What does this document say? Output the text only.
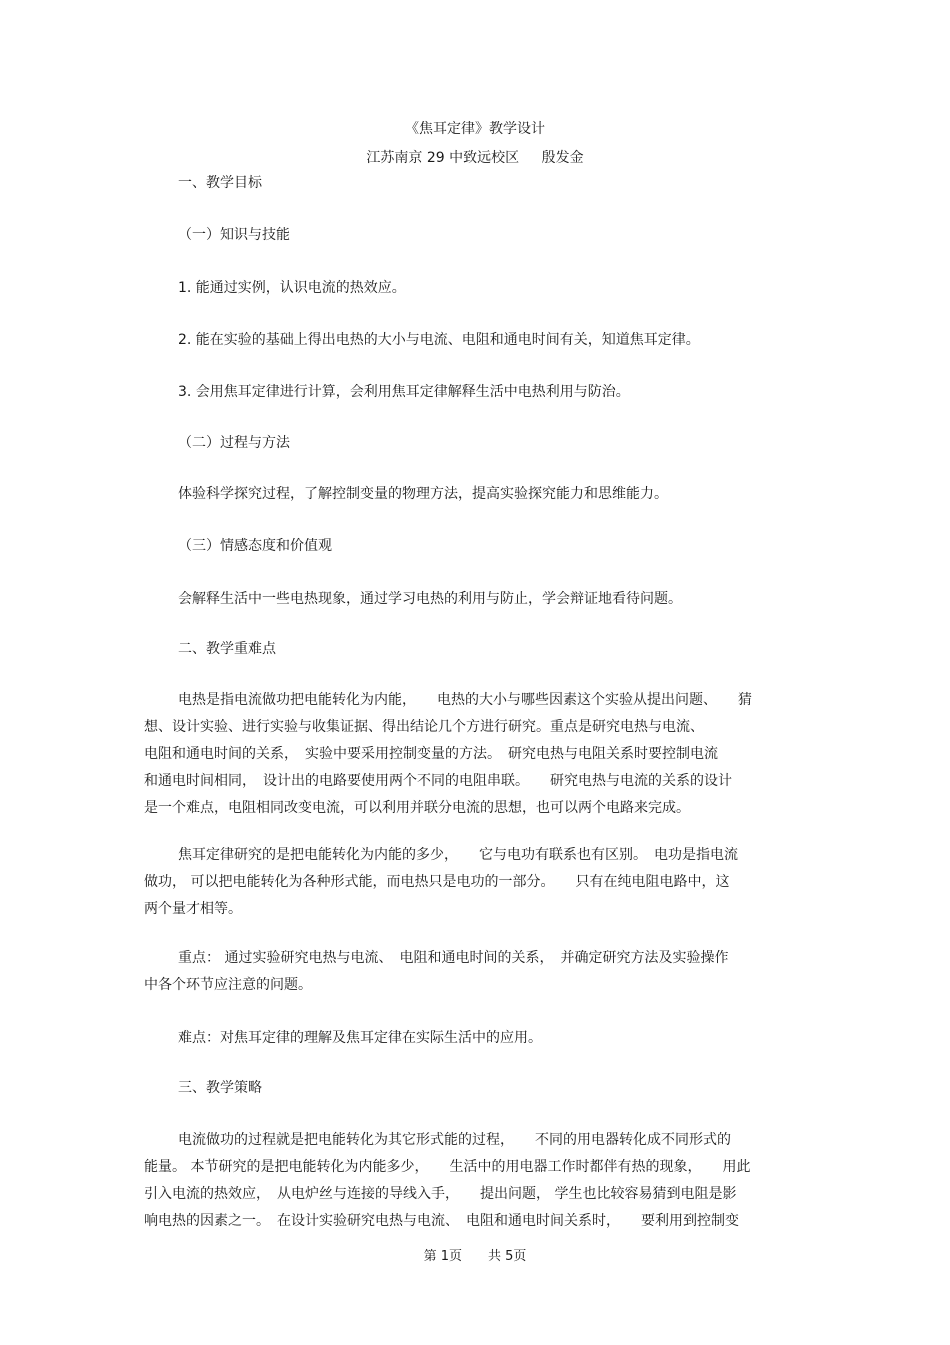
《焦耳定律》教学设计
江苏南京 29 中致远校区 殷发金
一、教学目标
（一）知识与技能
1. 能通过实例，认识电流的热效应。
2. 能在实验的基础上得出电热的大小与电流、电阻和通电时间有关，知道焦耳定律。
3. 会用焦耳定律进行计算，会利用焦耳定律解释生活中电热利用与防治。
（二）过程与方法
体验科学探究过程，了解控制变量的物理方法，提高实验探究能力和思维能力。
（三）情感态度和价值观
会解释生活中一些电热现象，通过学习电热的利用与防止，学会辩证地看待问题。
二、教学重难点
电热是指电流做功把电能转化为内能，　　电热的大小与哪些因素这个实验从提出问题、　　猜
想、设计实验、进行实验与收集证据、得出结论几个方进行研究。重点是研究电热与电流、
电阻和通电时间的关系，　实验中要采用控制变量的方法。　研究电热与电阻关系时要控制电流
和通电时间相同，　设计出的电路要使用两个不同的电阻串联。　　研究电热与电流的关系的设计
是一个难点，电阻相同改变电流，可以利用并联分电流的思想，也可以两个电路来完成。
焦耳定律研究的是把电能转化为内能的多少，　　它与电功有联系也有区别。　电功是指电流
做功， 可以把电能转化为各种形式能，而电热只是电功的一部分。　　只有在纯电阻电路中，这
两个量才相等。
重点： 通过实验研究电热与电流、　电阻和通电时间的关系，　并确定研究方法及实验操作
中各个环节应注意的问题。
难点：对焦耳定律的理解及焦耳定律在实际生活中的应用。
三、教学策略
电流做功的过程就是把电能转化为其它形式能的过程，　　不同的用电器转化成不同形式的
能量。 本节研究的是把电能转化为内能多少，　　生活中的用电器工作时都伴有热的现象，　　用此
引入电流的热效应，　从电炉丝与连接的导线入手，　　提出问题， 学生也比较容易猜到电阻是影
响电热的因素之一。　在设计实验研究电热与电流、　电阻和通电时间关系时，　　要利用到控制变
第 1页　　共 5页
